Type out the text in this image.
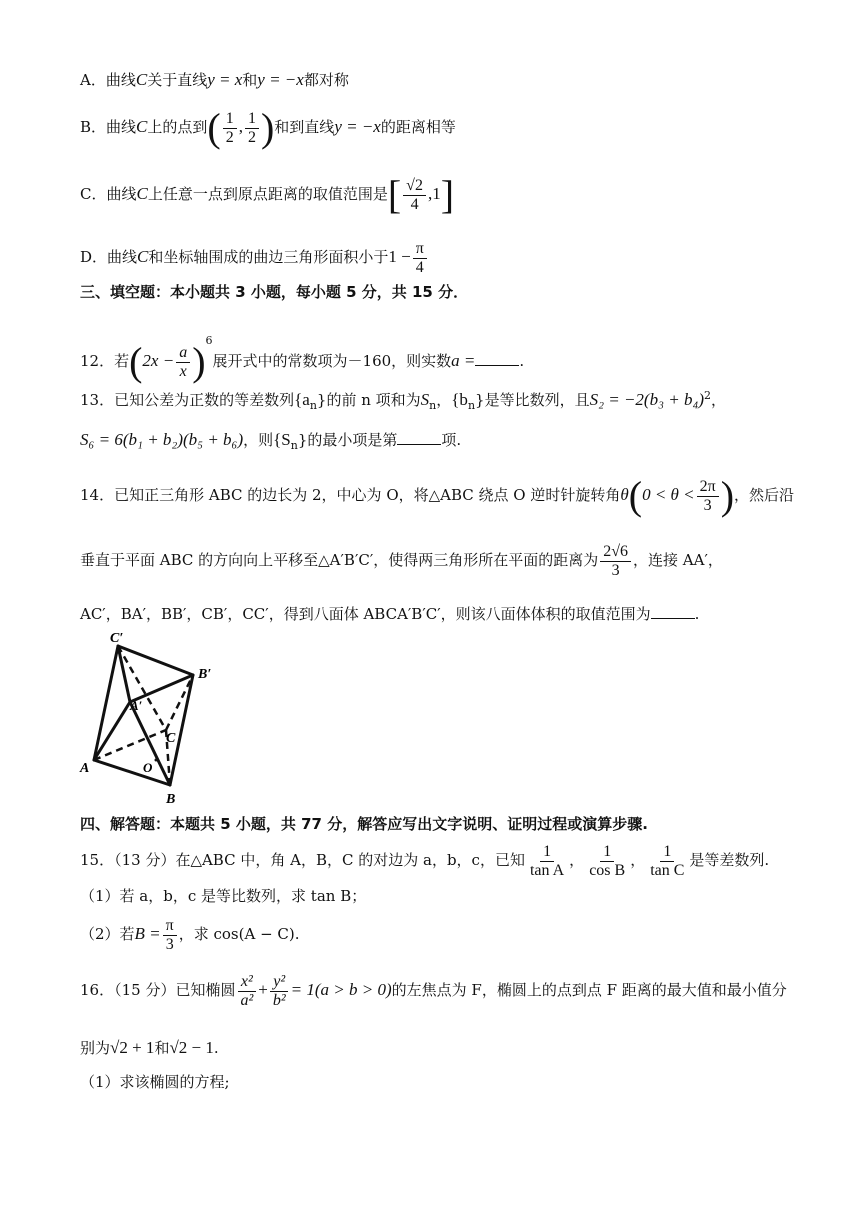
A．曲线C关于直线y = x和y = −x都对称
B．曲线C上的点到( $\frac{1}{2}$ , $\frac{1}{2}$ )和到直线y = −x的距离相等
C．曲线C上任意一点到原点距离的取值范围是[ $\frac{√2}{4} ,1$]
D．曲线C和坐标轴围成的曲边三角形面积小于$1 - \frac{\pi}{4}$
三、填空题：本小题共 3 小题，每小题 5 分，共 15 分．
12．若$(2x - \frac{a}{x} )^6$展开式中的常数项为－160，则实数a =	.
13．已知公差为正数的等差数列$\{a_n\}$的前 n 项和为$S_n$，$\{b_n\}$是等比数列，且$S_2 = -2(b_3 + b_4)^2$，
S₆ = 6(b₁ + b₂)(b₅ + b₆)，则$\{S_n\}$的最小项是第	项.
14．已知正三角形 ABC 的边长为 2，中心为 O，将△ABC 绕点 O 逆时针旋转角$\theta(0 < \theta < \frac{2\pi}{3}$ )，然后沿
垂直于平面 ABC 的方向向上平移至△A′B′C′，使得两三角形所在平面的距离为 $\frac{2√6}{3}$ ，连接 AA′，
AC′，BA′，BB′，CB′，CC′，得到八面体 ABCA′B′C′，则该八面体体积的取值范围为	.
C′
B′
A′
C
A	O
B
四、解答题：本题共 5 小题，共 77 分，解答应写出文字说明、证明过程或演算步骤.
15．（13 分）在△ABC 中，角 A，B，C 的对边为 a，b，c，已知 $\frac{1}{\text{tan A}}$ ， $\frac{1}{\text{cos B}}$ ， $\frac{1}{\text{tan C}}$ 是等差数列.
（1）若 a，b，c 是等比数列，求 tan B；
（2）若$B = \frac{\pi}{3}$ ，求 cos(A − C).
16．（15 分）已知椭圆 $\frac{\text{x²}}{\text{a²}} + \frac{\text{y²}}{\text{b²}} = 1(a > b > 0)$的左焦点为 F，椭圆上的点到点 F 距离的最大值和最小值分
别为√2 + 1和√2 − 1.
（1）求该椭圆的方程;
